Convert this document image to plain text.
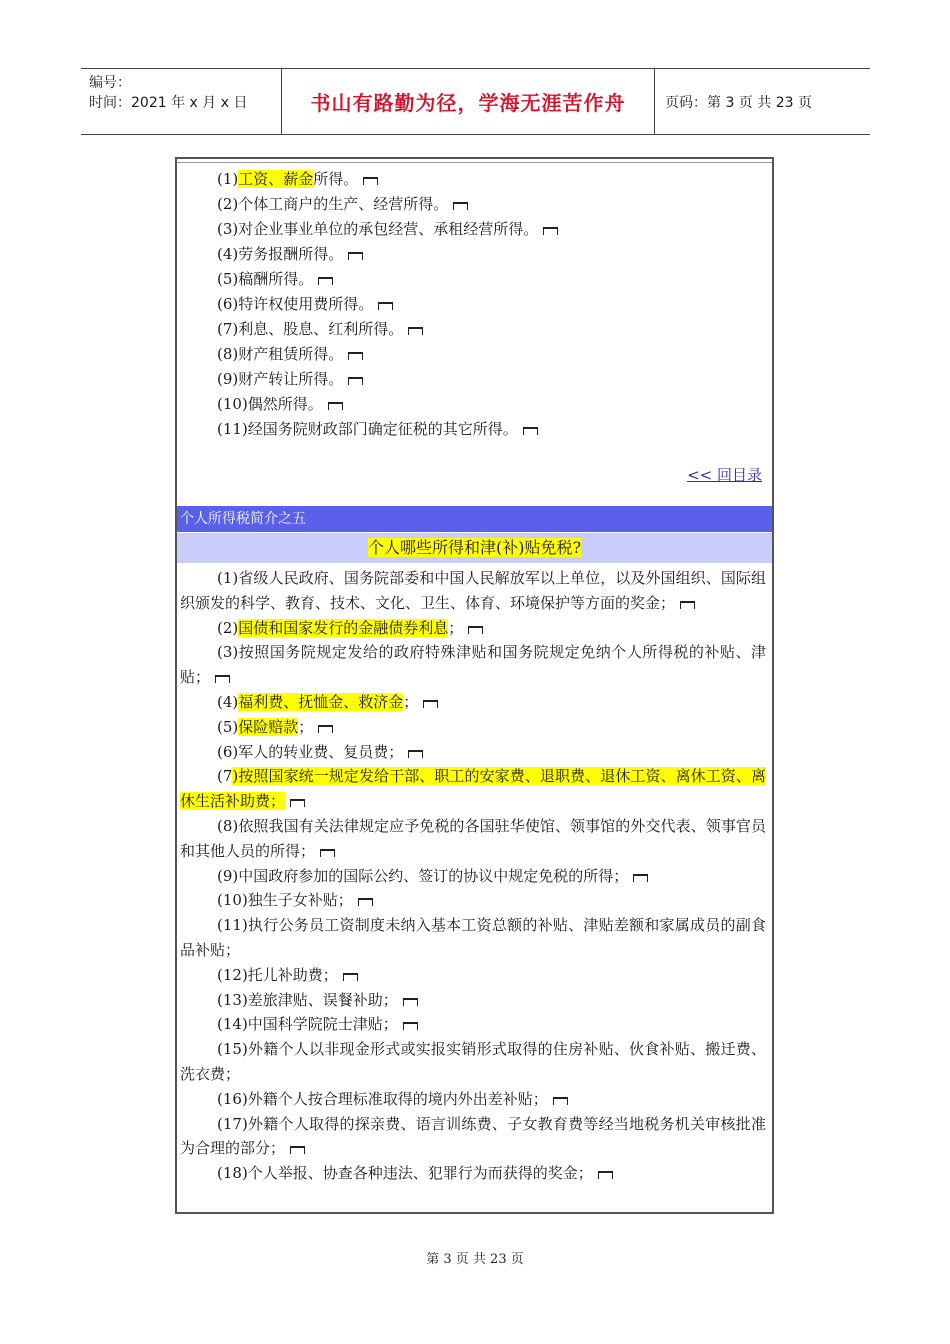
编号：
时间：2021 年 x 月 x 日	书山有路勤为径，学海无涯苦作舟	页码：第 3 页 共 23 页
(1)工资、薪金所得。
(2)个体工商户的生产、经营所得。
(3)对企业事业单位的承包经营、承租经营所得。
(4)劳务报酬所得。
(5)稿酬所得。
(6)特许权使用费所得。
(7)利息、股息、红利所得。
(8)财产租赁所得。
(9)财产转让所得。
(10)偶然所得。
(11)经国务院财政部门确定征税的其它所得。
<< 回目录
个人所得税简介之五
个人哪些所得和津(补)贴免税?

(1)省级人民政府、国务院部委和中国人民解放军以上单位，以及外国组织、国际组织颁发的科学、教育、技术、文化、卫生、体育、环境保护等方面的奖金；

(2)国债和国家发行的金融债券利息；

(3)按照国务院规定发给的政府特殊津贴和国务院规定免纳个人所得税的补贴、津贴；

(4)福利费、抚恤金、救济金；

(5)保险赔款；

(6)军人的转业费、复员费；

(7)按照国家统一规定发给干部、职工的安家费、退职费、退休工资、离休工资、离休生活补助费；

(8)依照我国有关法律规定应予免税的各国驻华使馆、领事馆的外交代表、领事官员和其他人员的所得；

(9)中国政府参加的国际公约、签订的协议中规定免税的所得；

(10)独生子女补贴；

(11)执行公务员工资制度未纳入基本工资总额的补贴、津贴差额和家属成员的副食品补贴；

(12)托儿补助费；

(13)差旅津贴、误餐补助；

(14)中国科学院院士津贴；

(15)外籍个人以非现金形式或实报实销形式取得的住房补贴、伙食补贴、搬迁费、洗衣费；

(16)外籍个人按合理标准取得的境内外出差补贴；

(17)外籍个人取得的探亲费、语言训练费、子女教育费等经当地税务机关审核批准为合理的部分；

(18)个人举报、协查各种违法、犯罪行为而获得的奖金；

第 3 页 共 23 页
